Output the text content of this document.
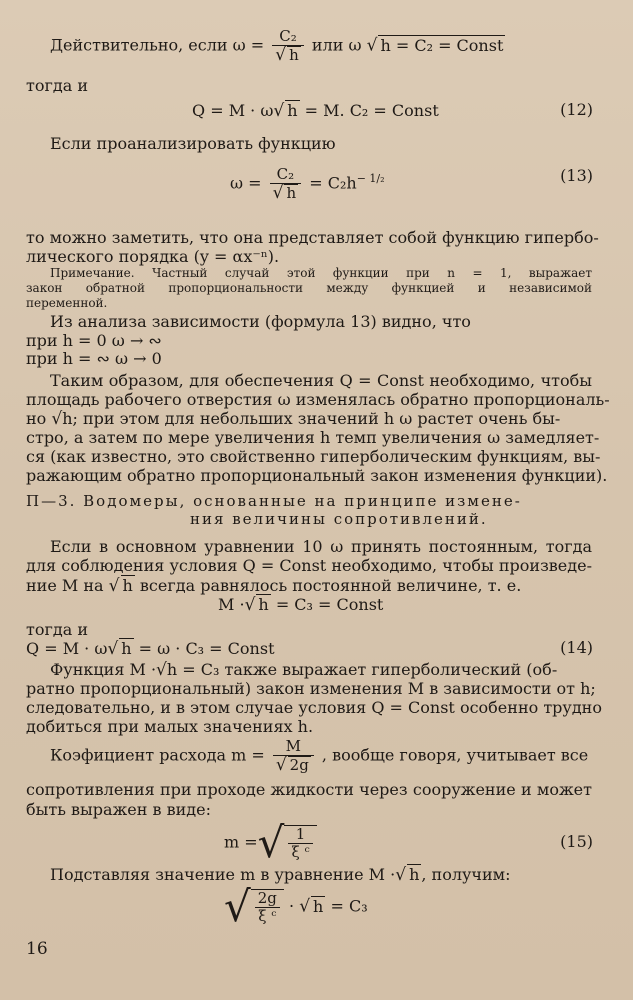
Действительно, если $\omega = \frac{\text{C₂}}{√ h}$ или ω √ h = C₂ = Const
тогда и
Q = M · ω√ h = M. C₂ = Const	(12)
Если проанализировать функцию
$\omega = \frac{\text{C₂}}{√ h} = C_2h^{- 1/_2}$	(13)
то можно заметить, что она представляет собой функцию гипербо-
лического порядка (y = αx⁻ⁿ).
Примечание. Частный случай этой функции при n = 1, выражает
закон обратной пропорциональности между функцией и независимой
переменной.
Из анализа зависимости (формула 13) видно, что
при h = 0 ω → ∾
при h = ∾ ω → 0
Таким образом, для обеспечения Q = Const необходимо, чтобы
площадь рабочего отверстия ω изменялась обратно пропорциональ-
но √h; при этом для небольших значений h ω растет очень бы-
стро, а затем по мере увеличения h темп увеличения ω замедляет-
ся (как известно, это свойственно гиперболическим функциям, вы-
ражающим обратно пропорциональный закон изменения функции).
П—3. Водомеры, основанные на принципе измене-
ния величины сопротивлений.
Если в основном уравнении 10 ω принять постоянным, тогда
для соблюдения условия Q = Const необходимо, чтобы произведе-
ние M на √ h всегда равнялось постоянной величине, т. е.
M ·√ h = C₃ = Const
тогда и
Q = M · ω√ h = ω · C₃ = Const	(14)
Функция M ·√h = C₃ также выражает гиперболический (об-
ратно пропорциональный) закон изменения M в зависимости от h;
следовательно, и в этом случае условия Q = Const особенно трудно
добиться при малых значениях h.
Коэфициент расхода $m = \frac{M}{√ 2g}$ , вообще говоря, учитывает все
сопротивления при проходе жидкости через сооружение и может
быть выражен в виде:
m =√ $\frac{1}{\text{ξ ᶜ}}$	(15)
Подставляя значение m в уравнение M ·√ h , получим:
√ $\frac{2g}{\text{ξ ᶜ}}$ · √ h = C₃
16
